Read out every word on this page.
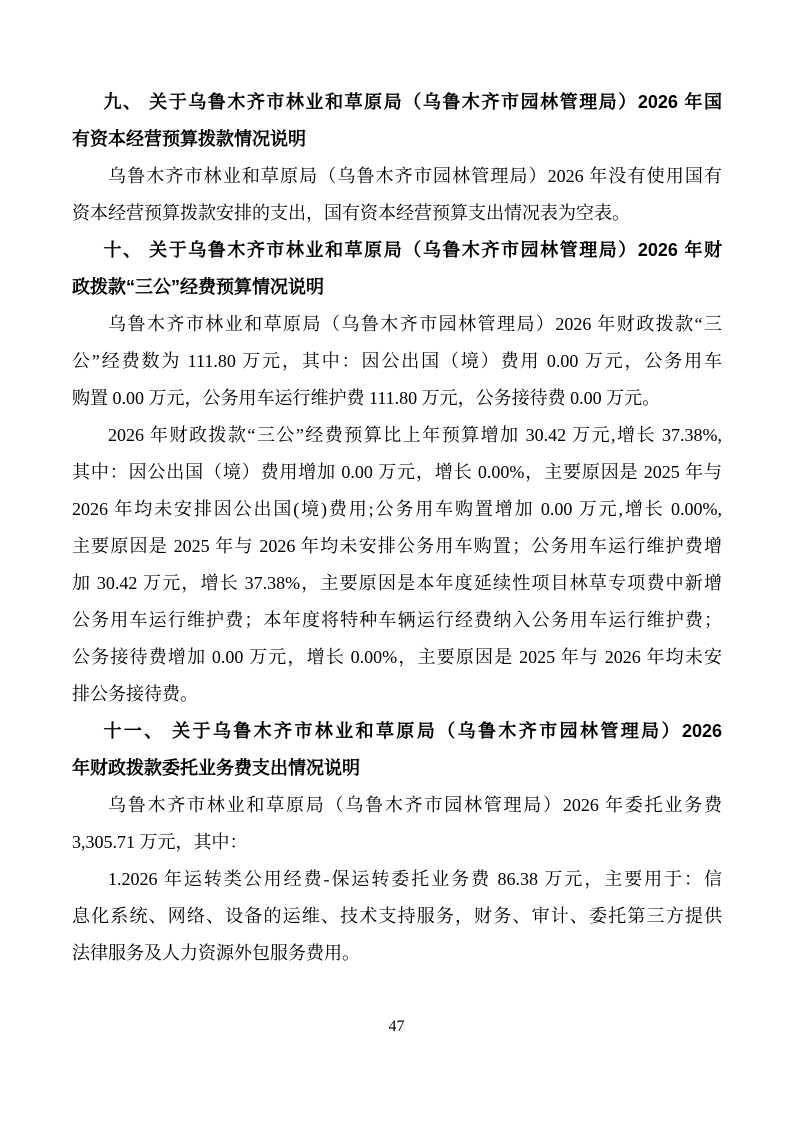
九、 关于乌鲁木齐市林业和草原局（乌鲁木齐市园林管理局）2026 年国
有资本经营预算拨款情况说明
乌鲁木齐市林业和草原局（乌鲁木齐市园林管理局）2026 年没有使用国有
资本经营预算拨款安排的支出，国有资本经营预算支出情况表为空表。
十、 关于乌鲁木齐市林业和草原局（乌鲁木齐市园林管理局）2026 年财
政拨款“三公”经费预算情况说明
乌鲁木齐市林业和草原局（乌鲁木齐市园林管理局）2026 年财政拨款“三
公”经费数为 111.80 万元，其中：因公出国（境）费用 0.00 万元，公务用车
购置 0.00 万元，公务用车运行维护费 111.80 万元，公务接待费 0.00 万元。
2026 年财政拨款“三公”经费预算比上年预算增加 30.42 万元,增长 37.38%,
其中：因公出国（境）费用增加 0.00 万元，增长 0.00%，主要原因是 2025 年与
2026 年均未安排因公出国(境)费用;公务用车购置增加 0.00 万元,增长 0.00%,
主要原因是 2025 年与 2026 年均未安排公务用车购置；公务用车运行维护费增
加 30.42 万元，增长 37.38%，主要原因是本年度延续性项目林草专项费中新增
公务用车运行维护费；本年度将特种车辆运行经费纳入公务用车运行维护费；
公务接待费增加 0.00 万元，增长 0.00%，主要原因是 2025 年与 2026 年均未安
排公务接待费。
十一、 关于乌鲁木齐市林业和草原局（乌鲁木齐市园林管理局）2026
年财政拨款委托业务费支出情况说明
乌鲁木齐市林业和草原局（乌鲁木齐市园林管理局）2026 年委托业务费
3,305.71 万元，其中：
1.2026 年运转类公用经费-保运转委托业务费 86.38 万元，主要用于：信
息化系统、网络、设备的运维、技术支持服务，财务、审计、委托第三方提供
法律服务及人力资源外包服务费用。
47
